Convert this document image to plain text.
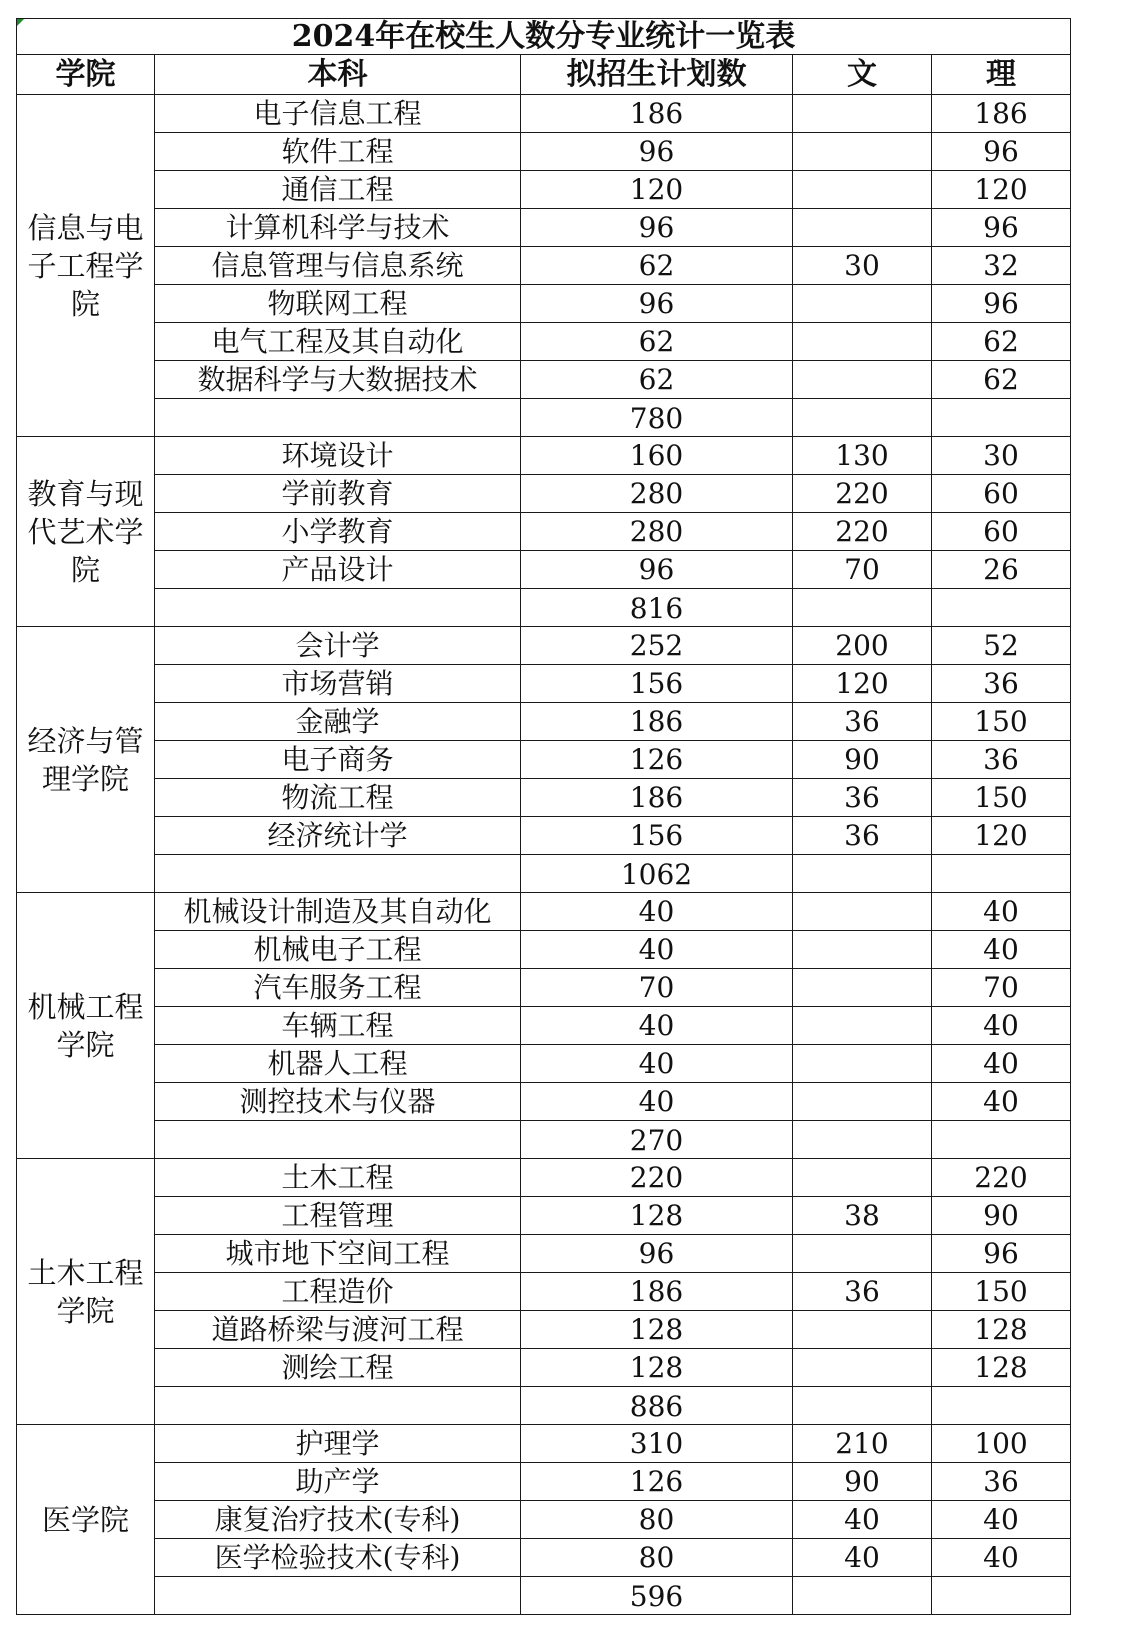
2024年在校生人数分专业统计一览表				
学院	本科	拟招生计划数	文	理
信息与电子工程学院	电子信息工程	186		186
	软件工程	96		96
	通信工程	120		120
	计算机科学与技术	96		96
	信息管理与信息系统	62	30	32
	物联网工程	96		96
	电气工程及其自动化	62		62
	数据科学与大数据技术	62		62
		780		
教育与现代艺术学院	环境设计	160	130	30
	学前教育	280	220	60
	小学教育	280	220	60
	产品设计	96	70	26
		816		
经济与管理学院	会计学	252	200	52
	市场营销	156	120	36
	金融学	186	36	150
	电子商务	126	90	36
	物流工程	186	36	150
	经济统计学	156	36	120
		1062		
机械工程学院	机械设计制造及其自动化	40		40
	机械电子工程	40		40
	汽车服务工程	70		70
	车辆工程	40		40
	机器人工程	40		40
	测控技术与仪器	40		40
		270		
土木工程学院	土木工程	220		220
	工程管理	128	38	90
	城市地下空间工程	96		96
	工程造价	186	36	150
	道路桥梁与渡河工程	128		128
	测绘工程	128		128
		886		
医学院	护理学	310	210	100
	助产学	126	90	36
	康复治疗技术(专科)	80	40	40
	医学检验技术(专科)	80	40	40
		596		
